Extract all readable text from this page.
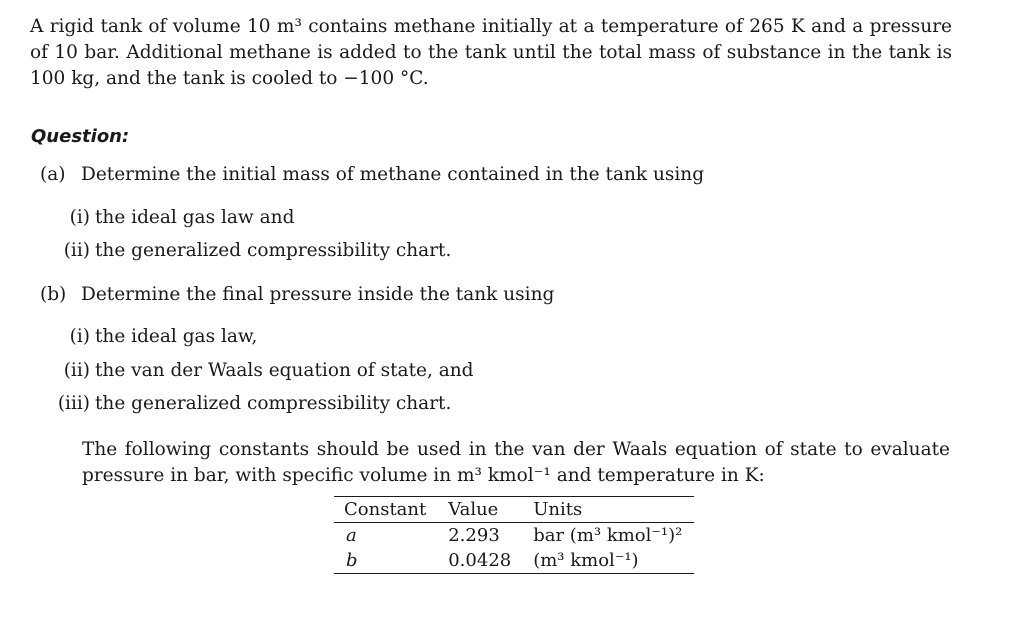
A rigid tank of volume 10 m³ contains methane initially at a temperature of 265 K and a pressure of 10 bar. Additional methane is added to the tank until the total mass of substance in the tank is 100 kg, and the tank is cooled to −100 °C.
Question:
(a) Determine the initial mass of methane contained in the tank using
(i) the ideal gas law and
(ii) the generalized compressibility chart.
(b) Determine the final pressure inside the tank using
(i) the ideal gas law,
(ii) the van der Waals equation of state, and
(iii) the generalized compressibility chart.
The following constants should be used in the van der Waals equation of state to evaluate pressure in bar, with specific volume in m³ kmol⁻¹ and temperature in K:
Constant	Value	Units
a	2.293	bar (m³ kmol⁻¹)²
b	0.0428	(m³ kmol⁻¹)
